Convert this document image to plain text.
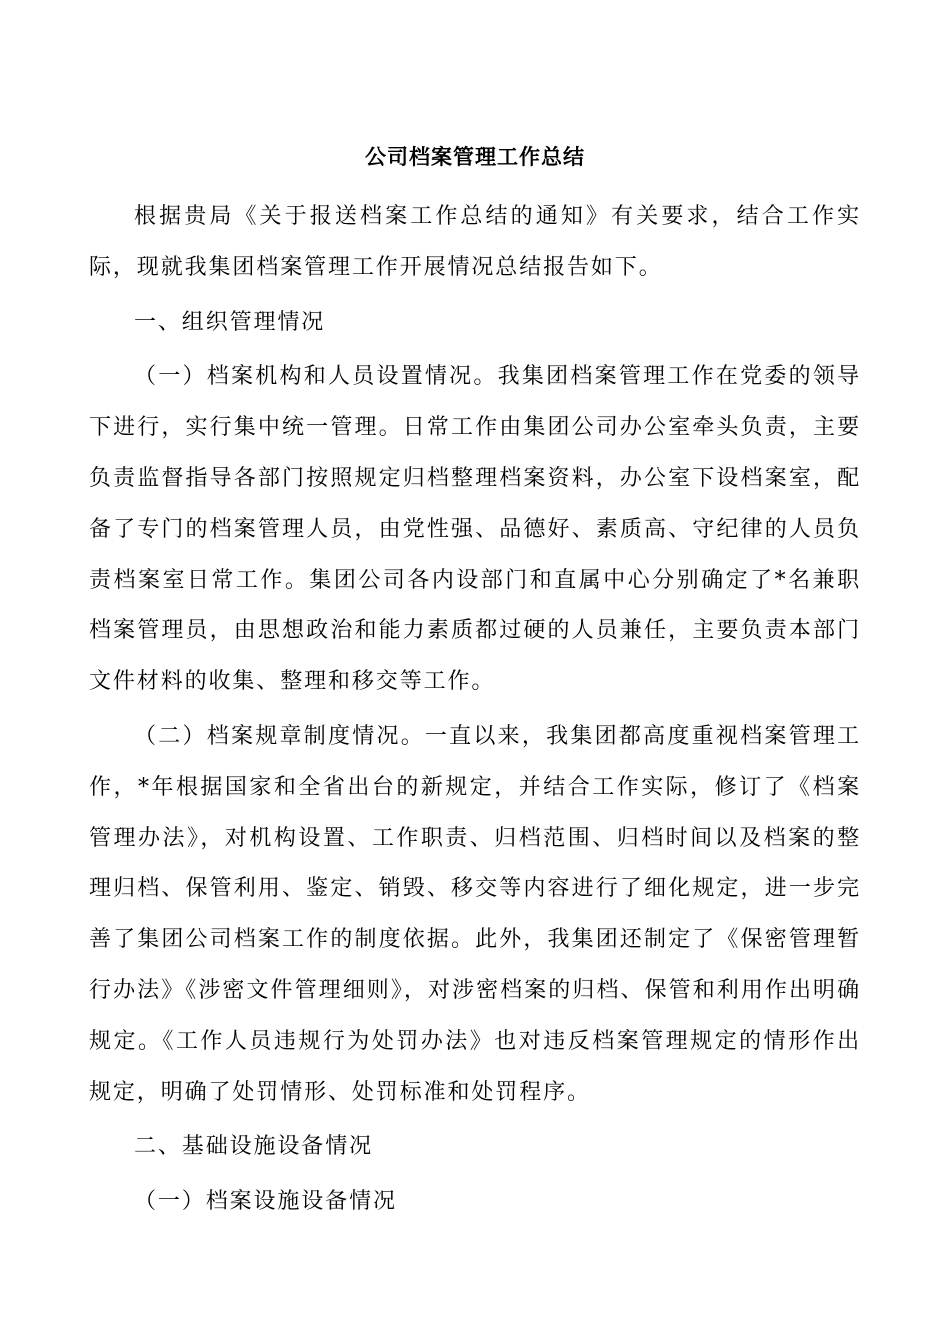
公司档案管理工作总结

根据贵局《关于报送档案工作总结的通知》有关要求，结合工作实际，现就我集团档案管理工作开展情况总结报告如下。

一、组织管理情况

（一）档案机构和人员设置情况。我集团档案管理工作在党委的领导下进行，实行集中统一管理。日常工作由集团公司办公室牵头负责，主要负责监督指导各部门按照规定归档整理档案资料，办公室下设档案室，配备了专门的档案管理人员，由党性强、品德好、素质高、守纪律的人员负责档案室日常工作。集团公司各内设部门和直属中心分别确定了*名兼职档案管理员，由思想政治和能力素质都过硬的人员兼任，主要负责本部门文件材料的收集、整理和移交等工作。

（二）档案规章制度情况。一直以来，我集团都高度重视档案管理工作，*年根据国家和全省出台的新规定，并结合工作实际，修订了《档案管理办法》，对机构设置、工作职责、归档范围、归档时间以及档案的整理归档、保管利用、鉴定、销毁、移交等内容进行了细化规定，进一步完善了集团公司档案工作的制度依据。此外，我集团还制定了《保密管理暂行办法》《涉密文件管理细则》，对涉密档案的归档、保管和利用作出明确规定。《工作人员违规行为处罚办法》也对违反档案管理规定的情形作出规定，明确了处罚情形、处罚标准和处罚程序。

二、基础设施设备情况

（一）档案设施设备情况
